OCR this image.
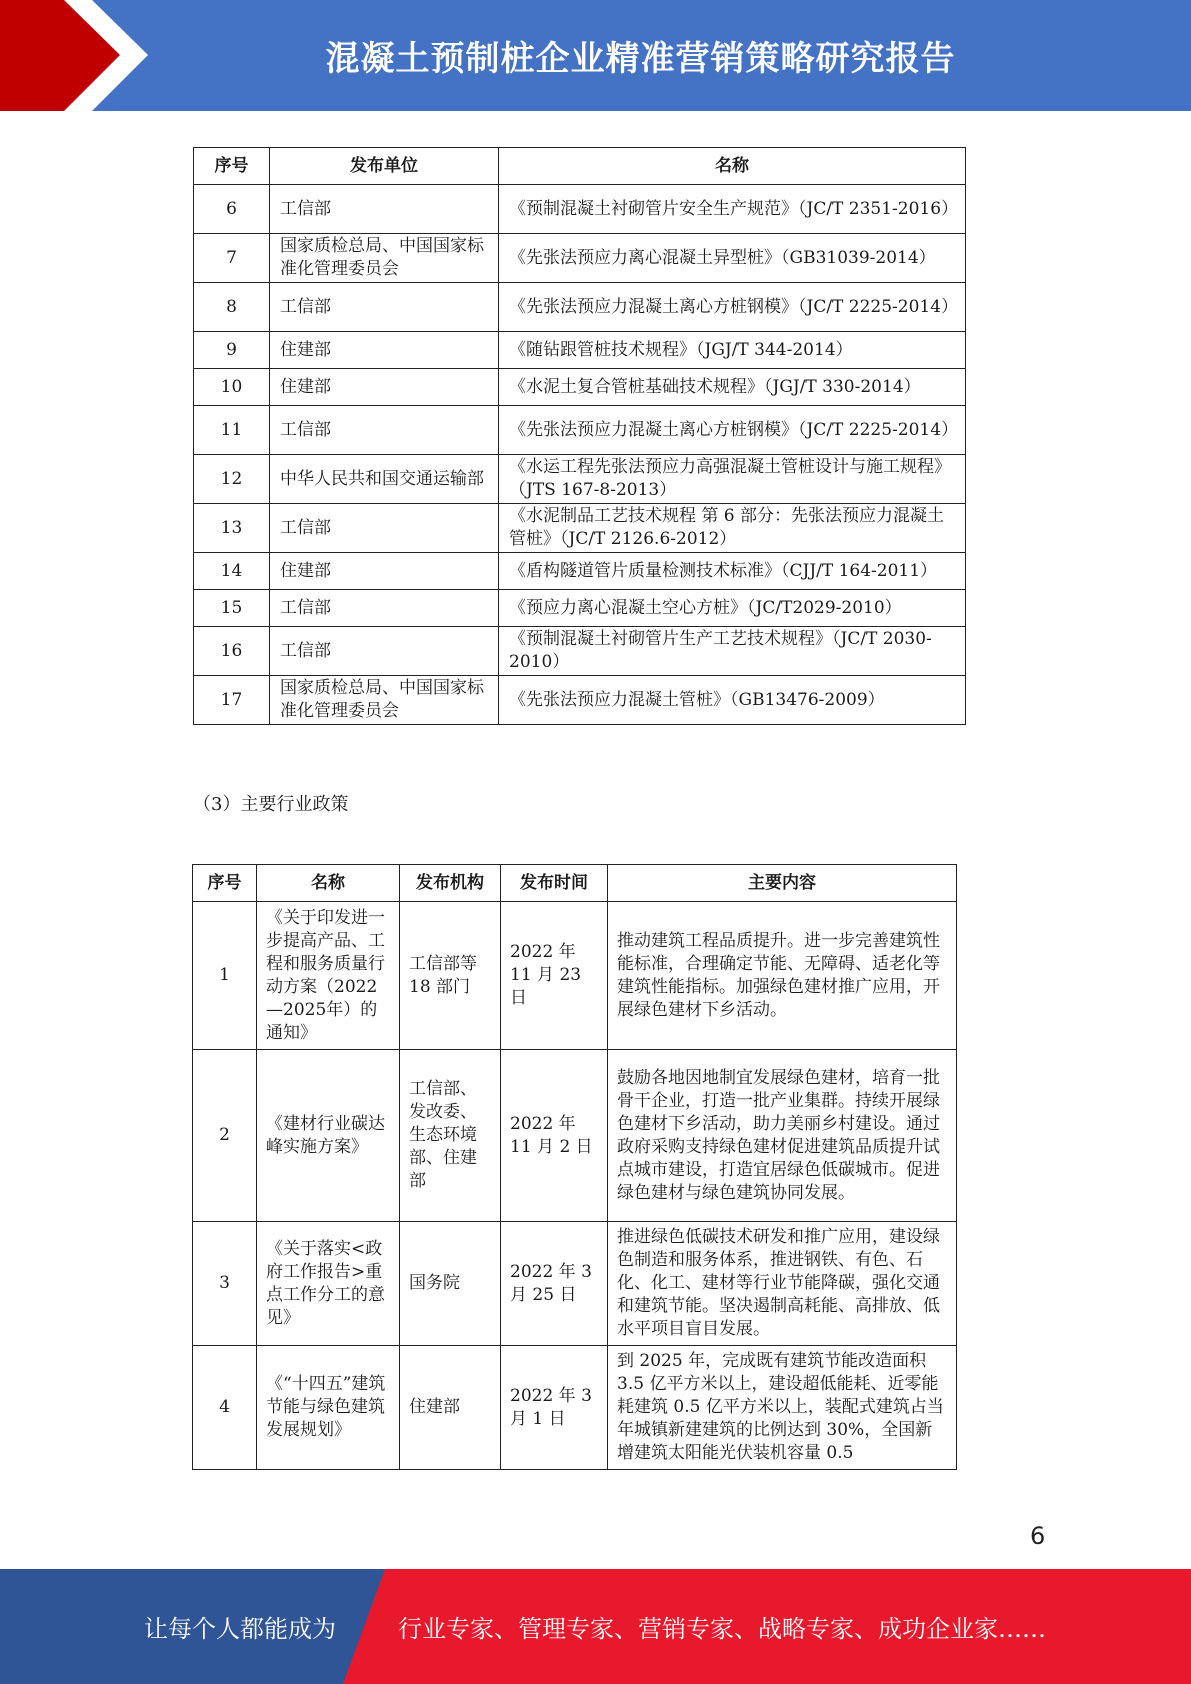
混凝土预制桩企业精准营销策略研究报告
序号	发布单位	名称
6	工信部	《预制混凝土衬砌管片安全生产规范》（JC/T 2351-2016）
7	国家质检总局、中国国家标准化管理委员会	《先张法预应力离心混凝土异型桩》（GB31039-2014）
8	工信部	《先张法预应力混凝土离心方桩钢模》（JC/T 2225-2014）
9	住建部	《随钻跟管桩技术规程》（JGJ/T 344-2014）
10	住建部	《水泥土复合管桩基础技术规程》（JGJ/T 330-2014）
11	工信部	《先张法预应力混凝土离心方桩钢模》（JC/T 2225-2014）
12	中华人民共和国交通运输部	《水运工程先张法预应力高强混凝土管桩设计与施工规程》（JTS 167-8-2013）
13	工信部	《水泥制品工艺技术规程 第 6 部分：先张法预应力混凝土管桩》（JC/T 2126.6-2012）
14	住建部	《盾构隧道管片质量检测技术标准》（CJJ/T 164-2011）
15	工信部	《预应力离心混凝土空心方桩》（JC/T2029-2010）
16	工信部	《预制混凝土衬砌管片生产工艺技术规程》（JC/T 2030-2010）
17	国家质检总局、中国国家标准化管理委员会	《先张法预应力混凝土管桩》（GB13476-2009）
（3）主要行业政策
序号	名称	发布机构	发布时间	主要内容
1	《关于印发进一步提高产品、工程和服务质量行动方案（2022—2025年）的通知》	工信部等 18 部门	2022 年 11 月 23 日	推动建筑工程品质提升。进一步完善建筑性能标准，合理确定节能、无障碍、适老化等建筑性能指标。加强绿色建材推广应用，开展绿色建材下乡活动。
2	《建材行业碳达峰实施方案》	工信部、发改委、生态环境部、住建部	2022 年 11 月 2 日	鼓励各地因地制宜发展绿色建材，培育一批骨干企业，打造一批产业集群。持续开展绿色建材下乡活动，助力美丽乡村建设。通过政府采购支持绿色建材促进建筑品质提升试点城市建设，打造宜居绿色低碳城市。促进绿色建材与绿色建筑协同发展。
3	《关于落实<政府工作报告>重点工作分工的意见》	国务院	2022 年 3 月 25 日	推进绿色低碳技术研发和推广应用，建设绿色制造和服务体系，推进钢铁、有色、石化、化工、建材等行业节能降碳，强化交通和建筑节能。坚决遏制高耗能、高排放、低水平项目盲目发展。
4	《“十四五”建筑节能与绿色建筑发展规划》	住建部	2022 年 3 月 1 日	到 2025 年，完成既有建筑节能改造面积 3.5 亿平方米以上，建设超低能耗、近零能耗建筑 0.5 亿平方米以上，装配式建筑占当年城镇新建建筑的比例达到 30%，全国新增建筑太阳能光伏装机容量 0.5
6
让每个人都能成为	行业专家、管理专家、营销专家、战略专家、成功企业家……
